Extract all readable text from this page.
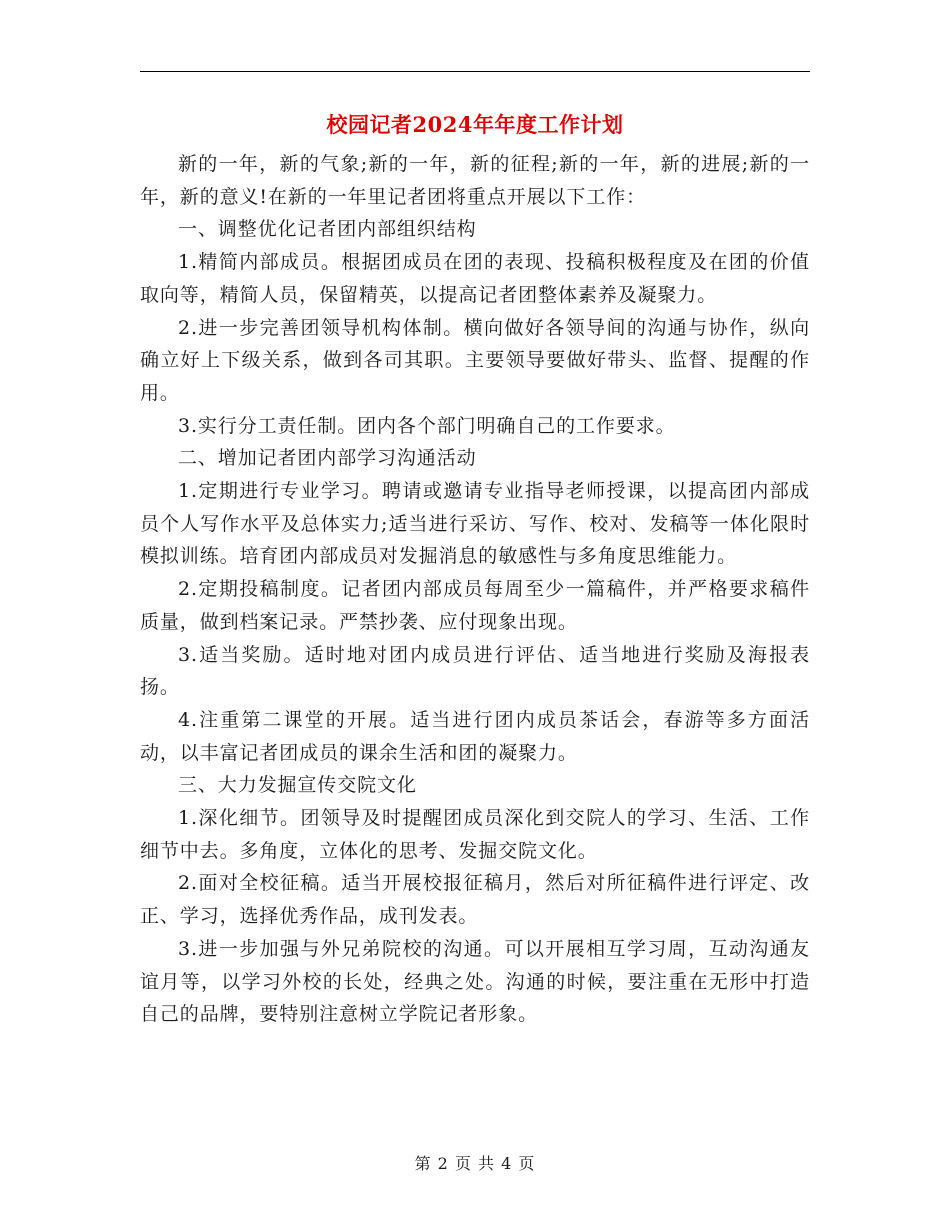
校园记者2024年年度工作计划

新的一年，新的气象;新的一年，新的征程;新的一年，新的进展;新的一年，新的意义!在新的一年里记者团将重点开展以下工作：

一、调整优化记者团内部组织结构

1.精简内部成员。根据团成员在团的表现、投稿积极程度及在团的价值取向等，精简人员，保留精英，以提高记者团整体素养及凝聚力。

2.进一步完善团领导机构体制。横向做好各领导间的沟通与协作，纵向确立好上下级关系，做到各司其职。主要领导要做好带头、监督、提醒的作用。

3.实行分工责任制。团内各个部门明确自己的工作要求。

二、增加记者团内部学习沟通活动

1.定期进行专业学习。聘请或邀请专业指导老师授课，以提高团内部成员个人写作水平及总体实力;适当进行采访、写作、校对、发稿等一体化限时模拟训练。培育团内部成员对发掘消息的敏感性与多角度思维能力。

2.定期投稿制度。记者团内部成员每周至少一篇稿件，并严格要求稿件质量，做到档案记录。严禁抄袭、应付现象出现。

3.适当奖励。适时地对团内成员进行评估、适当地进行奖励及海报表扬。

4.注重第二课堂的开展。适当进行团内成员茶话会，春游等多方面活动，以丰富记者团成员的课余生活和团的凝聚力。

三、大力发掘宣传交院文化

1.深化细节。团领导及时提醒团成员深化到交院人的学习、生活、工作细节中去。多角度，立体化的思考、发掘交院文化。

2.面对全校征稿。适当开展校报征稿月，然后对所征稿件进行评定、改正、学习，选择优秀作品，成刊发表。

3.进一步加强与外兄弟院校的沟通。可以开展相互学习周，互动沟通友谊月等，以学习外校的长处，经典之处。沟通的时候，要注重在无形中打造自己的品牌，要特别注意树立学院记者形象。

第 2 页 共 4 页
